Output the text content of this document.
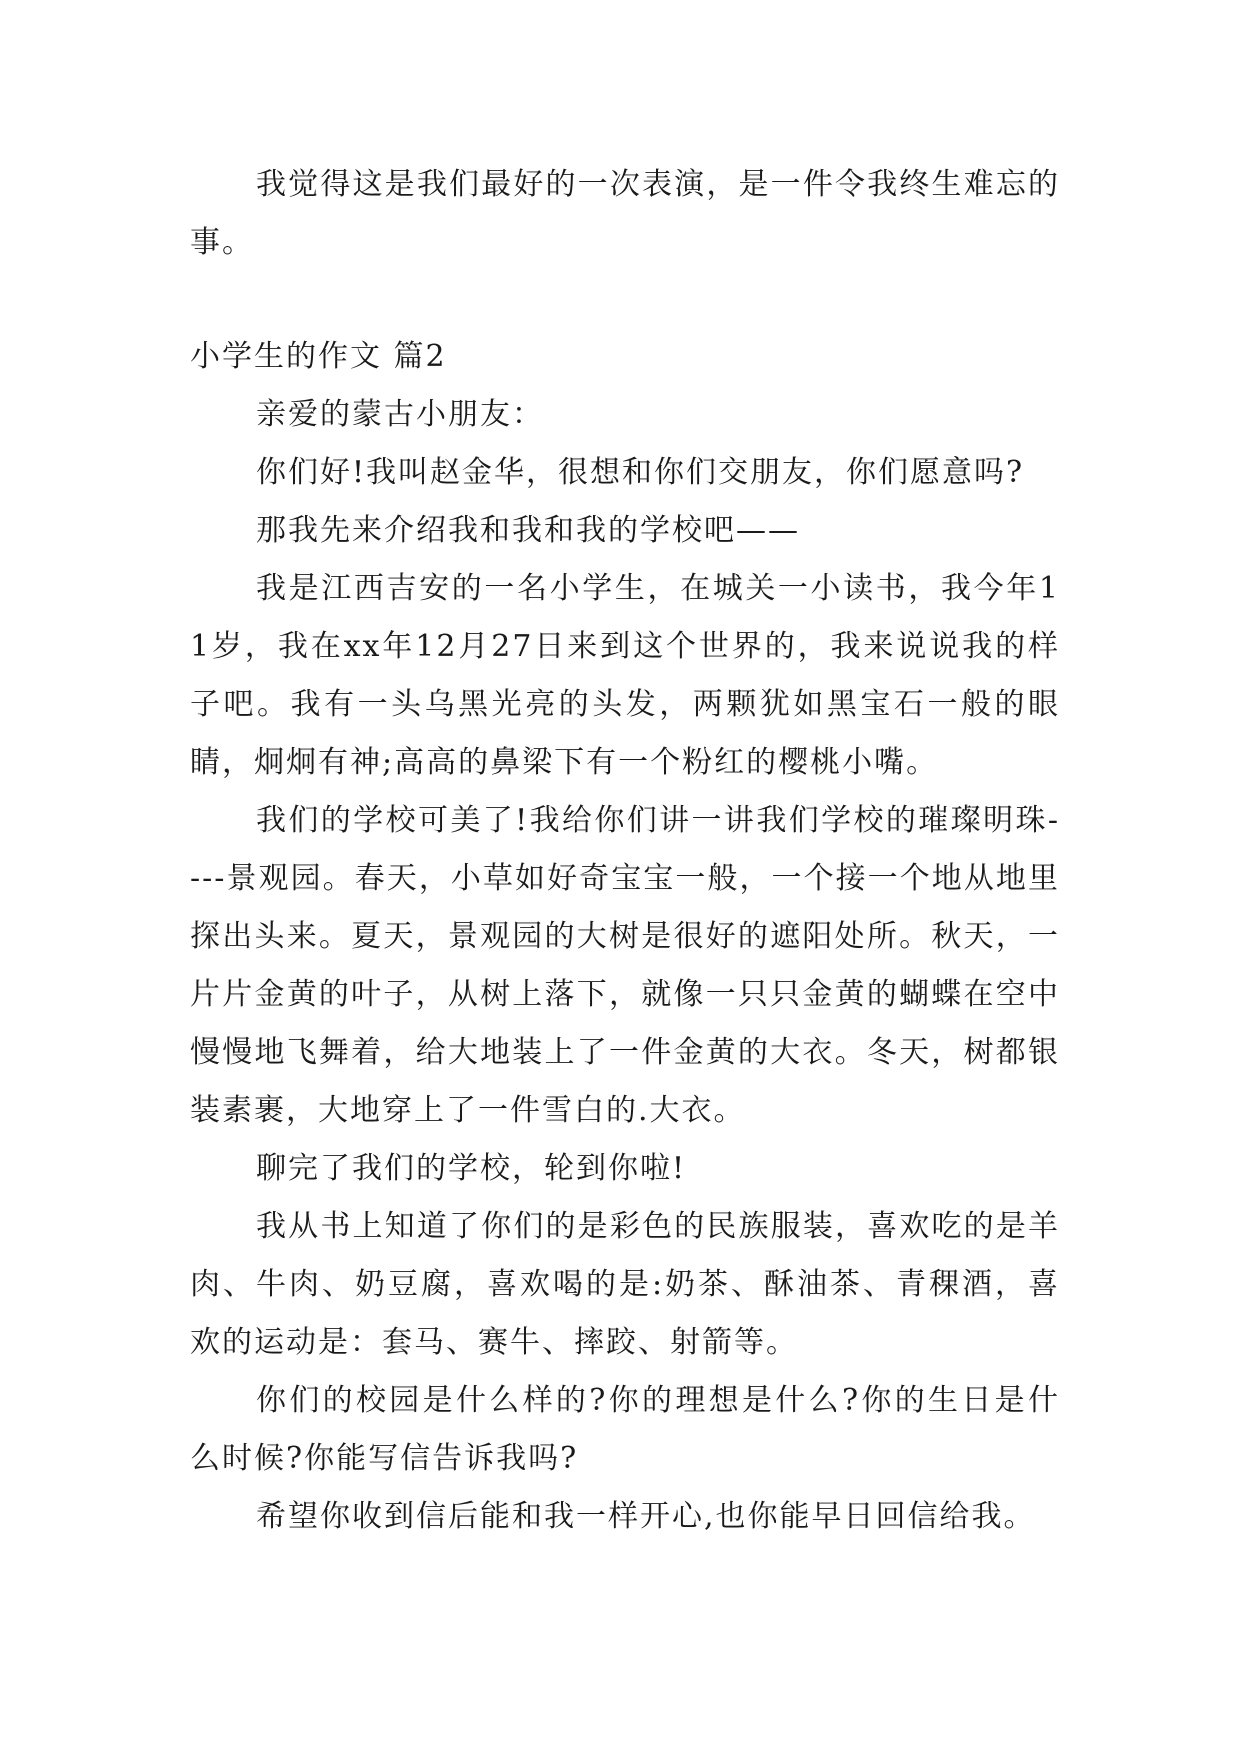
我觉得这是我们最好的一次表演，是一件令我终生难忘的事。

小学生的作文 篇2

亲爱的蒙古小朋友：

你们好!我叫赵金华，很想和你们交朋友，你们愿意吗?

那我先来介绍我和我和我的学校吧——

我是江西吉安的一名小学生，在城关一小读书，我今年11岁，我在xx年12月27日来到这个世界的，我来说说我的样子吧。我有一头乌黑光亮的头发，两颗犹如黑宝石一般的眼睛，炯炯有神;高高的鼻梁下有一个粉红的樱桃小嘴。

我们的学校可美了!我给你们讲一讲我们学校的璀璨明珠----景观园。春天，小草如好奇宝宝一般，一个接一个地从地里探出头来。夏天，景观园的大树是很好的遮阳处所。秋天，一片片金黄的叶子，从树上落下，就像一只只金黄的蝴蝶在空中慢慢地飞舞着，给大地装上了一件金黄的大衣。冬天，树都银装素裹，大地穿上了一件雪白的.大衣。

聊完了我们的学校，轮到你啦!

我从书上知道了你们的是彩色的民族服装，喜欢吃的是羊肉、牛肉、奶豆腐，喜欢喝的是:奶茶、酥油茶、青稞酒，喜欢的运动是：套马、赛牛、摔跤、射箭等。

你们的校园是什么样的?你的理想是什么?你的生日是什么时候?你能写信告诉我吗?

希望你收到信后能和我一样开心,也你能早日回信给我。
